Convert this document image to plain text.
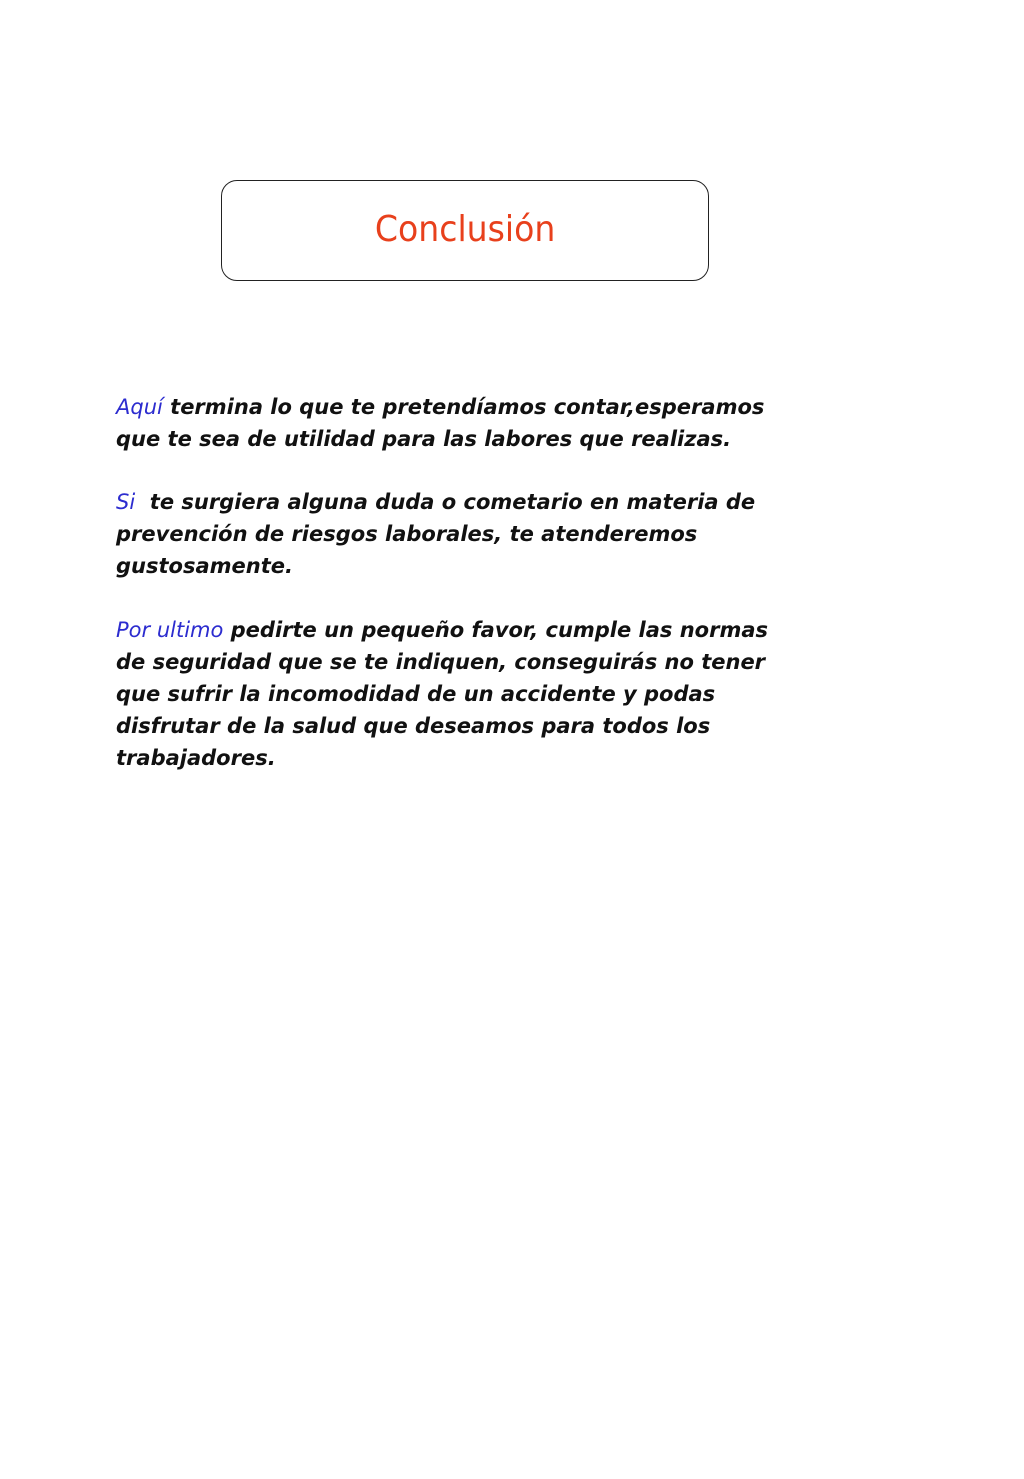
Conclusión

Aquí termina lo que te pretendíamos contar,esperamos
que te sea de utilidad para las labores que realizas.

Si  te surgiera alguna duda o cometario en materia de
prevención de riesgos laborales, te atenderemos
gustosamente.

Por ultimo pedirte un pequeño favor, cumple las normas
de seguridad que se te indiquen, conseguirás no tener
que sufrir la incomodidad de un accidente y podas
disfrutar de la salud que deseamos para todos los
trabajadores.
